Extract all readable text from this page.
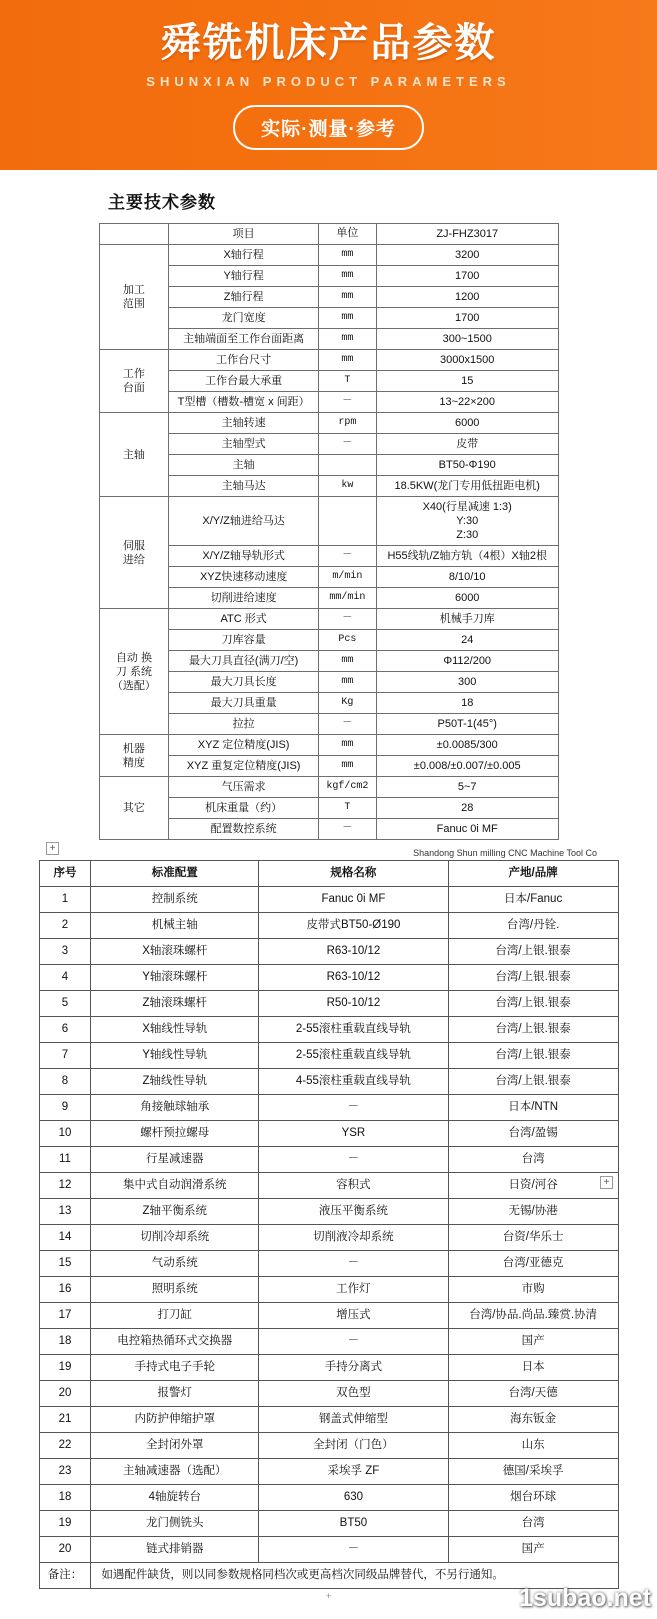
舜铣机床产品参数
SHUNXIAN PRODUCT PARAMETERS
实际·测量·参考
主要技术参数
	项目	单位	ZJ-FHZ3017
加工
范围	X轴行程	mm	3200
	Y轴行程	mm	1700
	Z轴行程	mm	1200
	龙门宽度	mm	1700
	主轴端面至工作台面距离	mm	300~1500
工作
台面	工作台尺寸	mm	3000x1500
	工作台最大承重	T	15
	T型槽（槽数-槽宽 x 间距）	－	13~22×200
主轴	主轴转速	rpm	6000
	主轴型式	－	皮带
	主轴		BT50-Φ190
	主轴马达	kw	18.5KW(龙门专用低扭距电机)
伺服
进给	X/Y/Z轴进给马达		X40(行星减速 1:3)
Y:30
Z:30
	X/Y/Z轴导轨形式	－	H55线轨/Z轴方轨（4根）X轴2根
	XYZ快速移动速度	m/min	8/10/10
	切削进给速度	mm/min	6000
自动 换
刀 系统
（选配）	ATC 形式	－	机械手刀库
	刀库容量	Pcs	24
	最大刀具直径(满刀/空)	mm	Φ112/200
	最大刀具长度	mm	300
	最大刀具重量	Kg	18
	拉拉	－	P50T-1(45°)
机器
精度	XYZ 定位精度(JIS)	mm	±0.0085/300
	XYZ 重复定位精度(JIS)	mm	±0.008/±0.007/±0.005
其它	气压需求	kgf/cm2	5~7
	机床重量（约）	T	28
	配置数控系统	－	Fanuc 0i MF
+
+
Shandong Shun milling CNC Machine Tool Co
序号	标准配置	规格名称	产地/品牌
1	控制系统	Fanuc 0i MF	日本/Fanuc
2	机械主轴	皮带式BT50-Ø190	台湾/丹铨.
3	X轴滚珠螺杆	R63-10/12	台湾/上银.银泰
4	Y轴滚珠螺杆	R63-10/12	台湾/上银.银泰
5	Z轴滚珠螺杆	R50-10/12	台湾/上银.银泰
6	X轴线性导轨	2-55滚柱重载直线导轨	台湾/上银.银泰
7	Y轴线性导轨	2-55滚柱重载直线导轨	台湾/上银.银泰
8	Z轴线性导轨	4-55滚柱重载直线导轨	台湾/上银.银泰
9	角接触球轴承	－	日本/NTN
10	螺杆预拉螺母	YSR	台湾/盈锡
11	行星减速器	－	台湾
12	集中式自动润滑系统	容积式	日资/河谷
13	Z轴平衡系统	液压平衡系统	无锡/协港
14	切削冷却系统	切削液冷却系统	台资/华乐士
15	气动系统	－	台湾/亚德克
16	照明系统	工作灯	市购
17	打刀缸	增压式	台湾/协品.尚品.臻赏.协清
18	电控箱热循环式交换器	－	国产
19	手持式电子手轮	手持分离式	日本
20	报警灯	双色型	台湾/天德
21	内防护伸缩护罩	钢盖式伸缩型	海东钣金
22	全封闭外罩	全封闭（门色）	山东
23	主轴减速器（选配）	采埃孚 ZF	德国/采埃孚
18	4轴旋转台	630	烟台环球
19	龙门侧铣头	BT50	台湾
20	链式排销器	－	国产
备注：	如遇配件缺货，则以同参数规格同档次或更高档次同级品牌替代，不另行通知。		
+	1subao.net
